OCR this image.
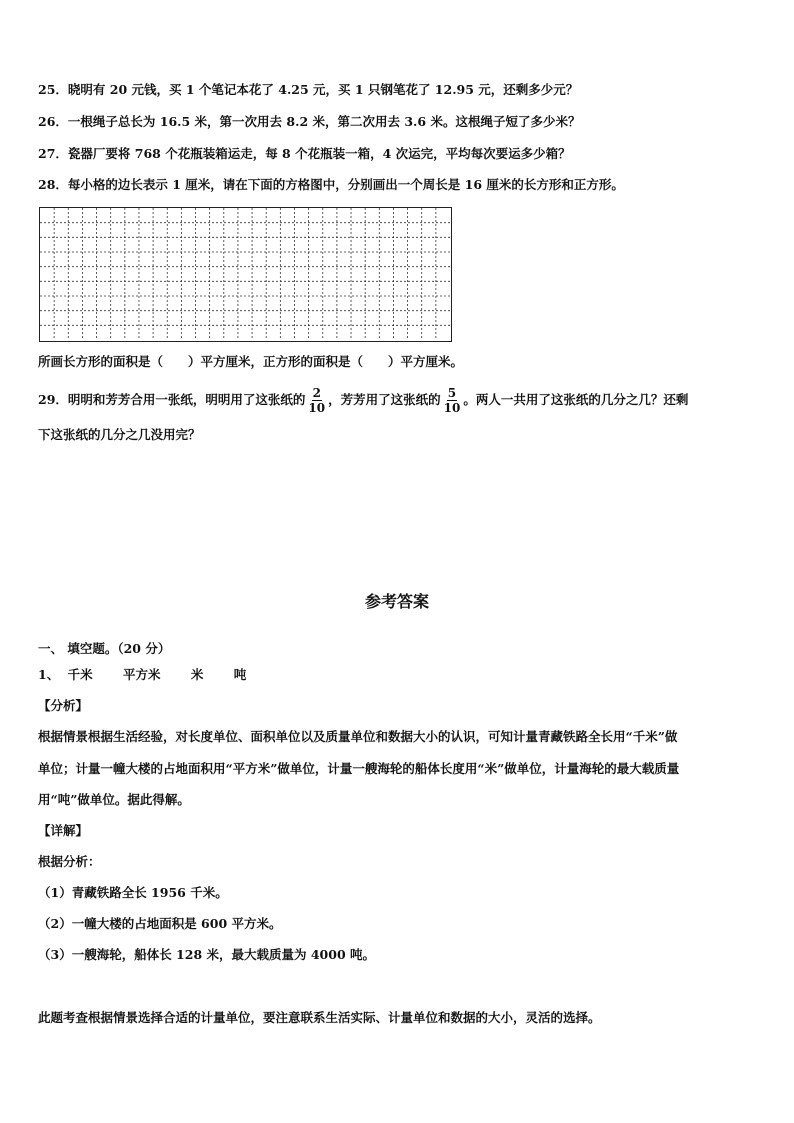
25．晓明有 20 元钱，买 1 个笔记本花了 4.25 元，买 1 只钢笔花了 12.95 元，还剩多少元？
26．一根绳子总长为 16.5 米，第一次用去 8.2 米，第二次用去 3.6 米。这根绳子短了多少米？
27．瓷器厂要将 768 个花瓶装箱运走，每 8 个花瓶装一箱，4 次运完，平均每次要运多少箱？
28．每小格的边长表示 1 厘米，请在下面的方格图中，分别画出一个周长是 16 厘米的长方形和正方形。
所画长方形的面积是（　　）平方厘米，正方形的面积是（　　）平方厘米。
29．明明和芳芳合用一张纸，明明用了这张纸的 $\frac{2}{10}$ ，芳芳用了这张纸的 $\frac{5}{10}$ 。两人一共用了这张纸的几分之几？还剩
下这张纸的几分之几没用完？
参考答案
一、 填空题。（20 分）
1、 千米 平方米 米 吨
【分析】
根据情景根据生活经验，对长度单位、面积单位以及质量单位和数据大小的认识，可知计量青藏铁路全长用“千米”做
单位；计量一幢大楼的占地面积用“平方米”做单位，计量一艘海轮的船体长度用“米”做单位，计量海轮的最大载质量
用“吨”做单位。据此得解。
【详解】
根据分析：
（1）青藏铁路全长 1956 千米。
（2）一幢大楼的占地面积是 600 平方米。
（3）一艘海轮，船体长 128 米，最大载质量为 4000 吨。
此题考查根据情景选择合适的计量单位，要注意联系生活实际、计量单位和数据的大小，灵活的选择。
